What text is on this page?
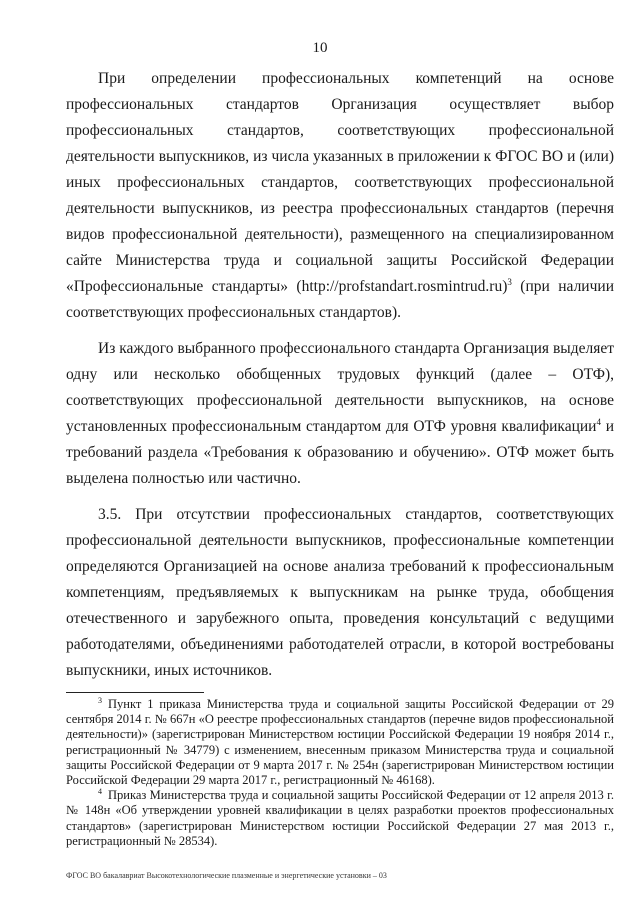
10

При определении профессиональных компетенций на основе профессиональных стандартов Организация осуществляет выбор профессиональных стандартов, соответствующих профессиональной деятельности выпускников, из числа указанных в приложении к ФГОС ВО и (или) иных профессиональных стандартов, соответствующих профессиональной деятельности выпускников, из реестра профессиональных стандартов (перечня видов профессиональной деятельности), размещенного на специализированном сайте Министерства труда и социальной защиты Российской Федерации «Профессиональные стандарты» (http://profstandart.rosmintrud.ru)$^3$ (при наличии соответствующих профессиональных стандартов).

Из каждого выбранного профессионального стандарта Организация выделяет одну или несколько обобщенных трудовых функций (далее – ОТФ), соответствующих профессиональной деятельности выпускников, на основе установленных профессиональным стандартом для ОТФ уровня квалификации$^4$ и требований раздела «Требования к образованию и обучению». ОТФ может быть выделена полностью или частично.

3.5. При отсутствии профессиональных стандартов, соответствующих профессиональной деятельности выпускников, профессиональные компетенции определяются Организацией на основе анализа требований к профессиональным компетенциям, предъявляемых к выпускникам на рынке труда, обобщения отечественного и зарубежного опыта, проведения консультаций с ведущими работодателями, объединениями работодателей отрасли, в которой востребованы выпускники, иных источников.

$^3$ Пункт 1 приказа Министерства труда и социальной защиты Российской Федерации от 29 сентября 2014 г. № 667н «О реестре профессиональных стандартов (перечне видов профессиональной деятельности)» (зарегистрирован Министерством юстиции Российской Федерации 19 ноября 2014 г., регистрационный № 34779) с изменением, внесенным приказом Министерства труда и социальной защиты Российской Федерации от 9 марта 2017 г. № 254н (зарегистрирован Министерством юстиции Российской Федерации 29 марта 2017 г., регистрационный № 46168).

$^4$ Приказ Министерства труда и социальной защиты Российской Федерации от 12 апреля 2013 г. № 148н «Об утверждении уровней квалификации в целях разработки проектов профессиональных стандартов» (зарегистрирован Министерством юстиции Российской Федерации 27 мая 2013 г., регистрационный № 28534).

ФГОС ВО бакалавриат Высокотехнологические плазменные и энергетические установки – 03
